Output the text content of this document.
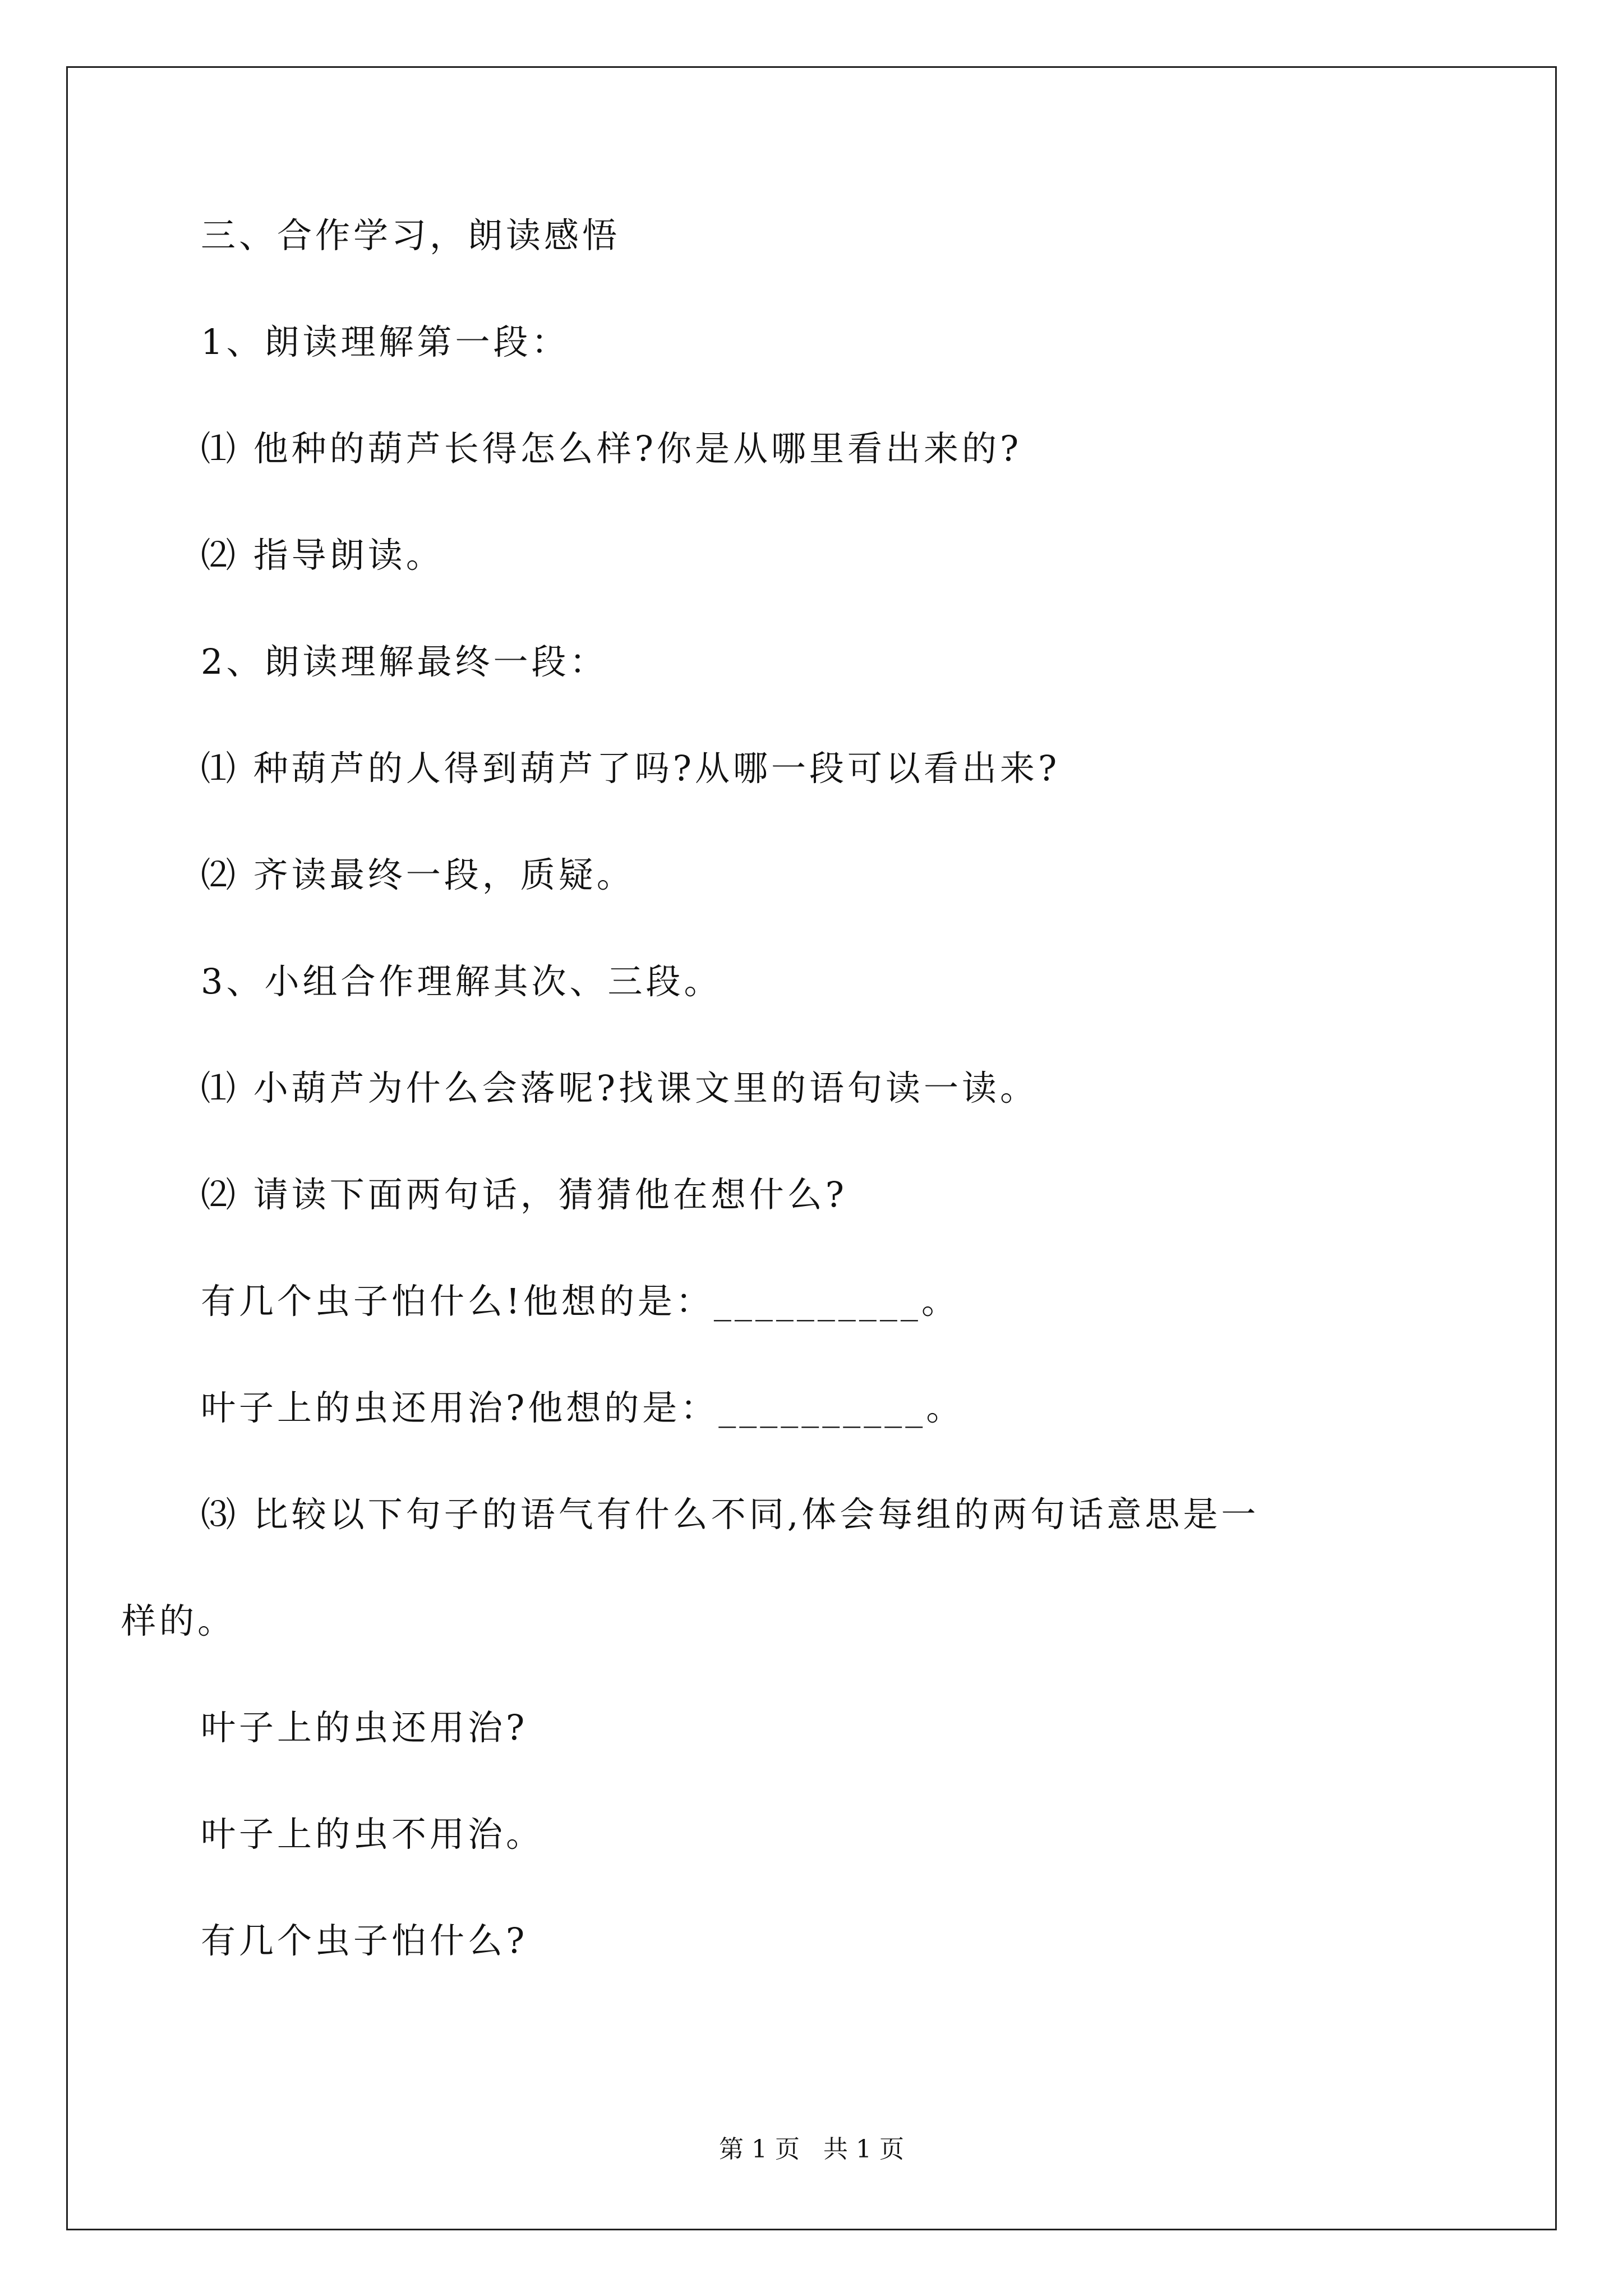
三、合作学习，朗读感悟
1、朗读理解第一段：
⑴ 他种的葫芦长得怎么样?你是从哪里看出来的?
⑵ 指导朗读。
2、朗读理解最终一段：
⑴ 种葫芦的人得到葫芦了吗?从哪一段可以看出来?
⑵ 齐读最终一段，质疑。
3、小组合作理解其次、三段。
⑴ 小葫芦为什么会落呢?找课文里的语句读一读。
⑵ 请读下面两句话，猜猜他在想什么?
有几个虫子怕什么!他想的是：__________。
叶子上的虫还用治?他想的是：__________。
⑶ 比较以下句子的语气有什么不同,体会每组的两句话意思是一
样的。
叶子上的虫还用治?
叶子上的虫不用治。
有几个虫子怕什么?
第 1 页   共 1 页
